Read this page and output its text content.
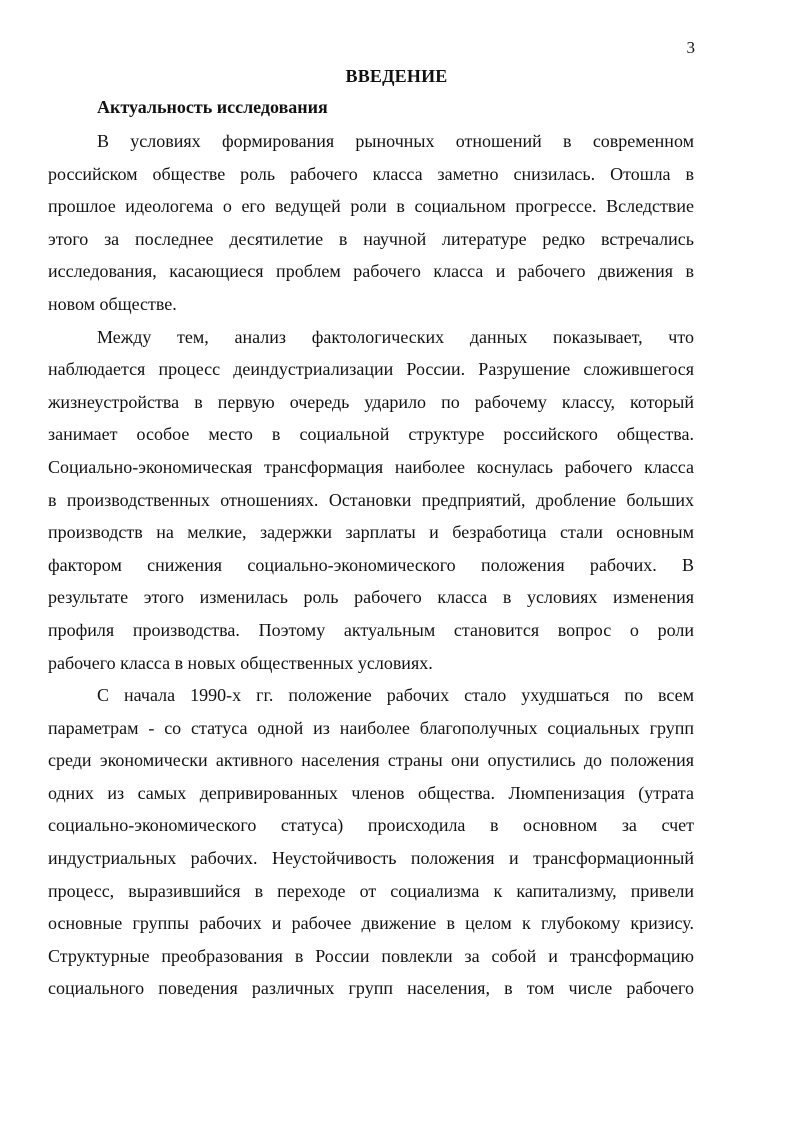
3
ВВЕДЕНИЕ
Актуальность исследования

В условиях формирования рыночных отношений в современном
российском обществе роль рабочего класса заметно снизилась. Отошла в
прошлое идеологема о его ведущей роли в социальном прогрессе. Вследствие
этого за последнее десятилетие в научной литературе редко встречались
исследования, касающиеся проблем рабочего класса и рабочего движения в
новом обществе.

Между тем, анализ фактологических данных показывает, что
наблюдается процесс деиндустриализации России. Разрушение сложившегося
жизнеустройства в первую очередь ударило по рабочему классу, который
занимает особое место в социальной структуре российского общества.
Социально-экономическая трансформация наиболее коснулась рабочего класса
в производственных отношениях. Остановки предприятий, дробление больших
производств на мелкие, задержки зарплаты и безработица стали основным
фактором снижения социально-экономического положения рабочих. В
результате этого изменилась роль рабочего класса в условиях изменения
профиля производства. Поэтому актуальным становится вопрос о роли
рабочего класса в новых общественных условиях.

С начала 1990-х гг. положение рабочих стало ухудшаться по всем
параметрам - со статуса одной из наиболее благополучных социальных групп
среди экономически активного населения страны они опустились до положения
одних из самых депривированных членов общества. Люмпенизация (утрата
социально-экономического статуса) происходила в основном за счет
индустриальных рабочих. Неустойчивость положения и трансформационный
процесс, выразившийся в переходе от социализма к капитализму, привели
основные группы рабочих и рабочее движение в целом к глубокому кризису.
Структурные преобразования в России повлекли за собой и трансформацию
социального поведения различных групп населения, в том числе рабочего
